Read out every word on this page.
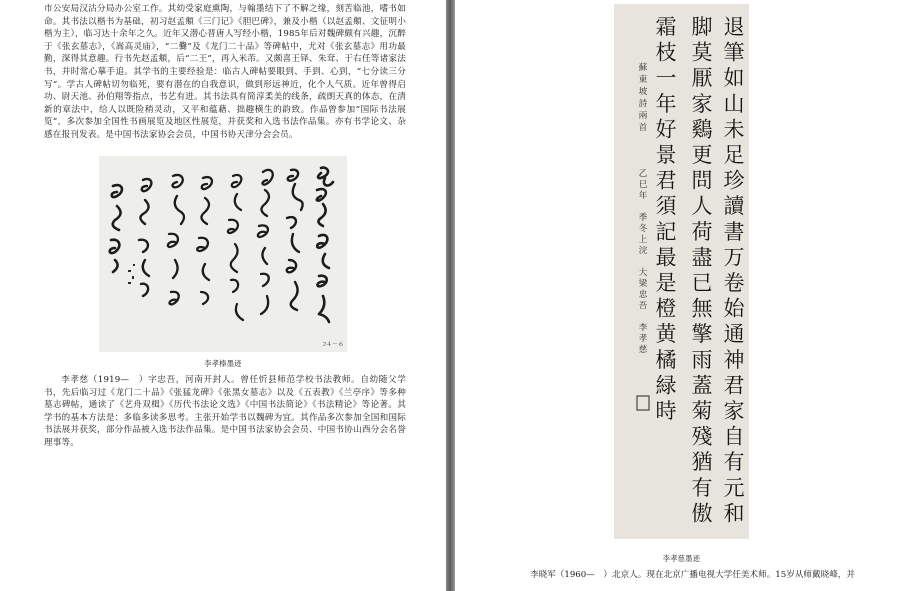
市公安局汉沽分局办公室工作。其幼受家庭熏陶，与翰墨结下了不解之缘，刻苦临池，嗜书如命。其书法以楷书为基础，初习赵孟頫《三门记》《胆巴碑》，兼及小楷（以赵孟頫、文征明小楷为主），临习达十余年之久。近年又潜心晋唐人写经小楷，1985年后对魏碑颇有兴趣，沉醉于《张玄墓志》，《嵩高灵庙》，“二爨”及《龙门二十品》等碑帖中，尤对《张玄墓志》用功最勤，深得其意趣。行书先赵孟頫，后“二王”，再入米芾。又颇喜王铎、朱耷、于右任等诸家法书，并时常心摹手追。其学书的主要经验是：临古人碑帖要眼到、手到、心到，“七分读三分写”。学古人碑帖切勿临死，要有潜在的自我意识，做到形远神近，化个人气质。近年曾得启功、尉天池、孙伯翔等指点，书艺有进。其书法具有简淳柔美的线条，疏朗天真的体态，在清新的章法中，给人以既险稍灵动，又平和蕴藉、拙趣横生的韵致。作品曾参加“国际书法展览”，多次参加全国性书画展览及地区性展览，并获奖和入选书法作品集。亦有书学论文、杂感在报刊发表。是中国书法家协会会员，中国书协天津分会会员。

ｺ４－６
李孝榛墨迹

李孝慈（1919—　）字忠吾，河南开封人。曾任忻县师范学校书法教师。自幼随父学书，先后临习过《龙门二十品》《张猛龙碑》《张黑女墓志》以及《五表教》《兰亭序》等多种墓志碑帖，通读了《艺舟双楫》《历代书法论文选》《中国书法简论》《书法精论》等论著。其学书的基本方法是：多临多读多思考。主张开始学书以魏碑为宜。其作品多次参加全国和国际书法展并获奖，部分作品被入选书法作品集。是中国书法家协会会员、中国书协山西分会名誉理事等。

退
筆
如
山
未
足
珍
讀
書
万
卷
始
通
神
君
家
自
有
元
和
脚
莫
厭
家
鷄
更
問
人
荷
盡
已
無
擎
雨
蓋
菊
殘
猶
有
傲
霜
枝
一
年
好
景
君
須
記
最
是
橙
黄
橘
緑
時
蘇
東
坡
詩
兩
首
乙
巳
年
季
冬
上
浣
大
梁
忠
吾
李
孝
慈
李孝慈墨迹
李晓军（1960—　）北京人。现在北京广播电视大学任美术师。15岁从师戴晓峰，并
